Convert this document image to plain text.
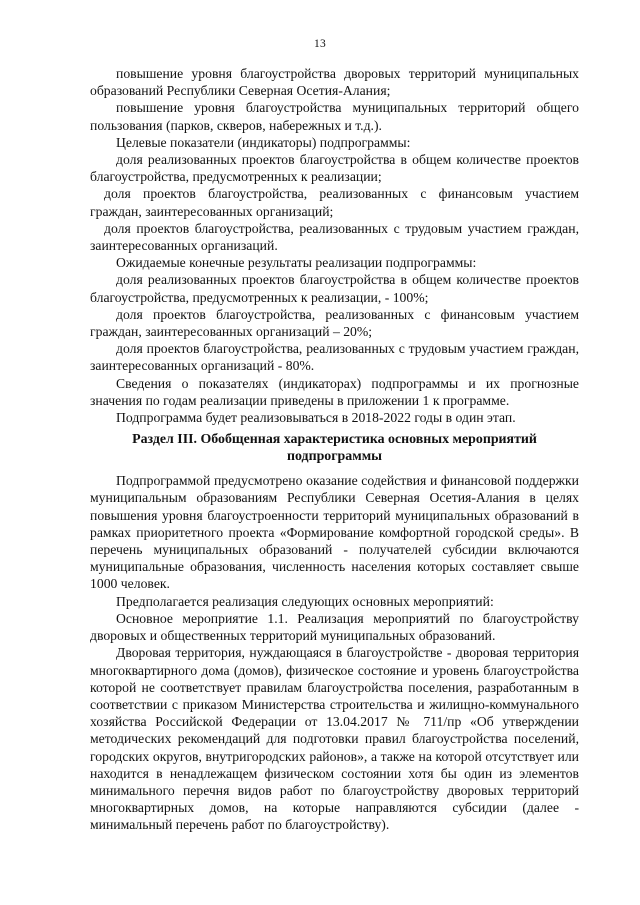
13

повышение уровня благоустройства дворовых территорий муниципальных образований Республики Северная Осетия-Алания;

повышение уровня благоустройства муниципальных территорий общего пользования (парков, скверов, набережных и т.д.).

Целевые показатели (индикаторы) подпрограммы:

доля реализованных проектов благоустройства в общем количестве проектов благоустройства, предусмотренных к реализации;

доля проектов благоустройства, реализованных с финансовым участием граждан, заинтересованных организаций;

доля проектов благоустройства, реализованных с трудовым участием граждан, заинтересованных организаций.

Ожидаемые конечные результаты реализации подпрограммы:

доля реализованных проектов благоустройства в общем количестве проектов благоустройства, предусмотренных к реализации, - 100%;

доля проектов благоустройства, реализованных с финансовым участием граждан, заинтересованных организаций – 20%;

доля проектов благоустройства, реализованных с трудовым участием граждан, заинтересованных организаций - 80%.

Сведения о показателях (индикаторах) подпрограммы и их прогнозные значения по годам реализации приведены в приложении 1 к программе.

Подпрограмма будет реализовываться в 2018-2022 годы в один этап.

Раздел III. Обобщенная характеристика основных мероприятий
подпрограммы

Подпрограммой предусмотрено оказание содействия и финансовой поддержки муниципальным образованиям Республики Северная Осетия-Алания в целях повышения уровня благоустроенности территорий муниципальных образований в рамках приоритетного проекта «Формирование комфортной городской среды». В перечень муниципальных образований - получателей субсидии включаются муниципальные образования, численность населения которых составляет свыше 1000 человек.

Предполагается реализация следующих основных мероприятий:

Основное мероприятие 1.1. Реализация мероприятий по благоустройству дворовых и общественных территорий муниципальных образований.

Дворовая территория, нуждающаяся в благоустройстве - дворовая территория многоквартирного дома (домов), физическое состояние и уровень благоустройства которой не соответствует правилам благоустройства поселения, разработанным в соответствии с приказом Министерства строительства и жилищно-коммунального хозяйства Российской Федерации от 13.04.2017 № 711/пр «Об утверждении методических рекомендаций для подготовки правил благоустройства поселений, городских округов, внутригородских районов», а также на которой отсутствует или находится в ненадлежащем физическом состоянии хотя бы один из элементов минимального перечня видов работ по благоустройству дворовых территорий многоквартирных домов, на которые направляются субсидии (далее - минимальный перечень работ по благоустройству).
